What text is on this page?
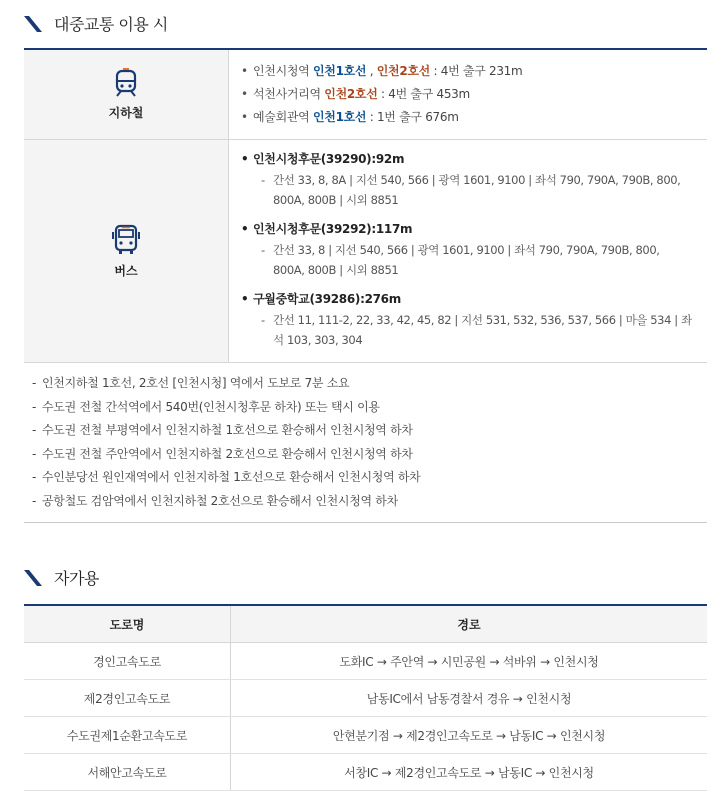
대중교통 이용 시
지하철
• 인천시청역 인천1호선 , 인천2호선 : 4번 출구 231m
• 석천사거리역 인천2호선 : 4번 출구 453m
• 예술회관역 인천1호선 : 1번 출구 676m
버스
• 인천시청후문(39290):92m
- 간선 33, 8, 8A | 지선 540, 566 | 광역 1601, 9100 | 좌석 790, 790A, 790B, 800, 800A, 800B | 시외 8851
• 인천시청후문(39292):117m
- 간선 33, 8 | 지선 540, 566 | 광역 1601, 9100 | 좌석 790, 790A, 790B, 800, 800A, 800B | 시외 8851
• 구월중학교(39286):276m
- 간선 11, 111-2, 22, 33, 42, 45, 82 | 지선 531, 532, 536, 537, 566 | 마을 534 | 좌석 103, 303, 304
- 인천지하철 1호선, 2호선 [인천시청] 역에서 도보로 7분 소요
- 수도권 전철 간석역에서 540번(인천시청후문 하차) 또는 택시 이용
- 수도권 전철 부평역에서 인천지하철 1호선으로 환승해서 인천시청역 하차
- 수도권 전철 주안역에서 인천지하철 2호선으로 환승해서 인천시청역 하차
- 수인분당선 원인재역에서 인천지하철 1호선으로 환승해서 인천시청역 하차
- 공항철도 검암역에서 인천지하철 2호선으로 환승해서 인천시청역 하차
자가용
도로명	경로
경인고속도로	도화IC → 주안역 → 시민공원 → 석바위 → 인천시청
제2경인고속도로	남동IC에서 남동경찰서 경유 → 인천시청
수도권제1순환고속도로	안현분기점 → 제2경인고속도로 → 남동IC → 인천시청
서해안고속도로	서창IC → 제2경인고속도로 → 남동IC → 인천시청
